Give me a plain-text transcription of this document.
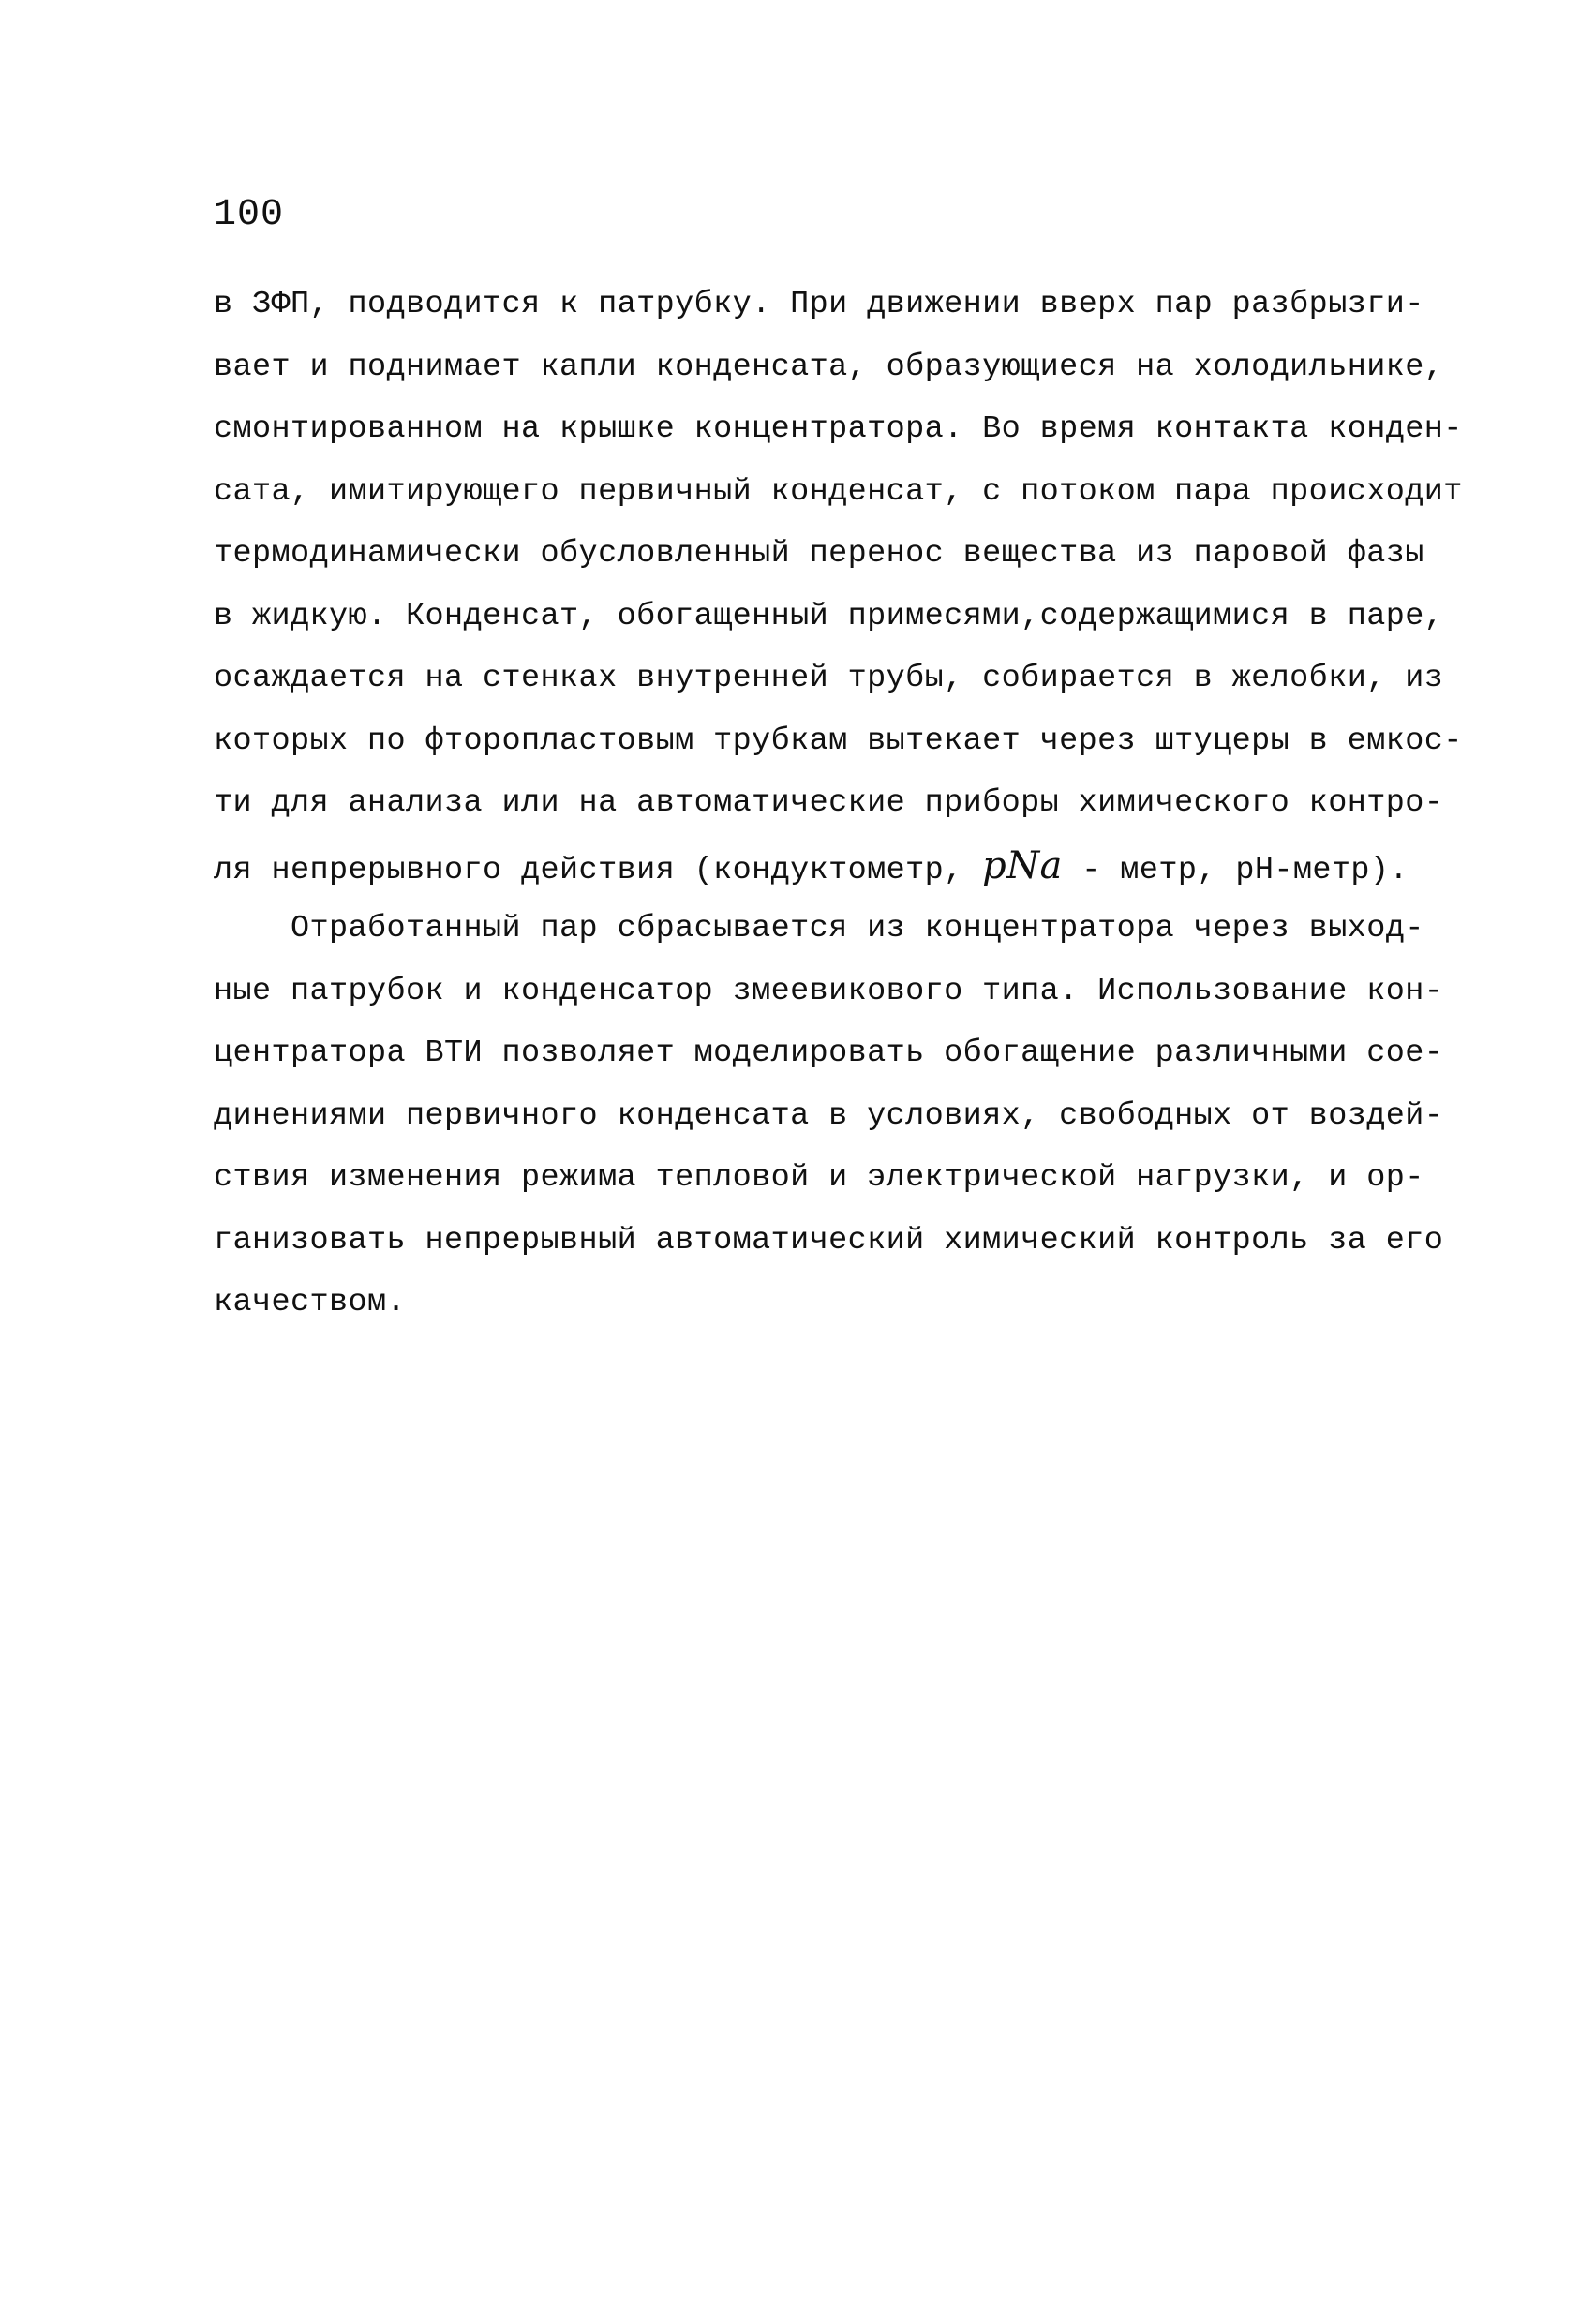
100
в ЗФП, подводится к патрубку. При движении вверх пар разбрызги-
вает и поднимает капли конденсата, образующиеся на холодильнике,
смонтированном на крышке концентратора. Во время контакта конден-
сата, имитирующего первичный конденсат, с потоком пара происходит
термодинамически обусловленный перенос вещества из паровой фазы
в жидкую. Конденсат, обогащенный примесями,содержащимися в паре,
осаждается на стенках внутренней трубы, собирается в желобки, из
которых по фторопластовым трубкам вытекает через штуцеры в емкос-
ти для анализа или на автоматические приборы химического контро-
ля непрерывного действия (кондуктометр, pNa - метр, pH-метр).
Отработанный пар сбрасывается из концентратора через выход-
ные патрубок и конденсатор змеевикового типа. Использование кон-
центратора ВТИ позволяет моделировать обогащение различными сое-
динениями первичного конденсата в условиях, свободных от воздей-
ствия изменения режима тепловой и электрической нагрузки, и ор-
ганизовать непрерывный автоматический химический контроль за его
качеством.
